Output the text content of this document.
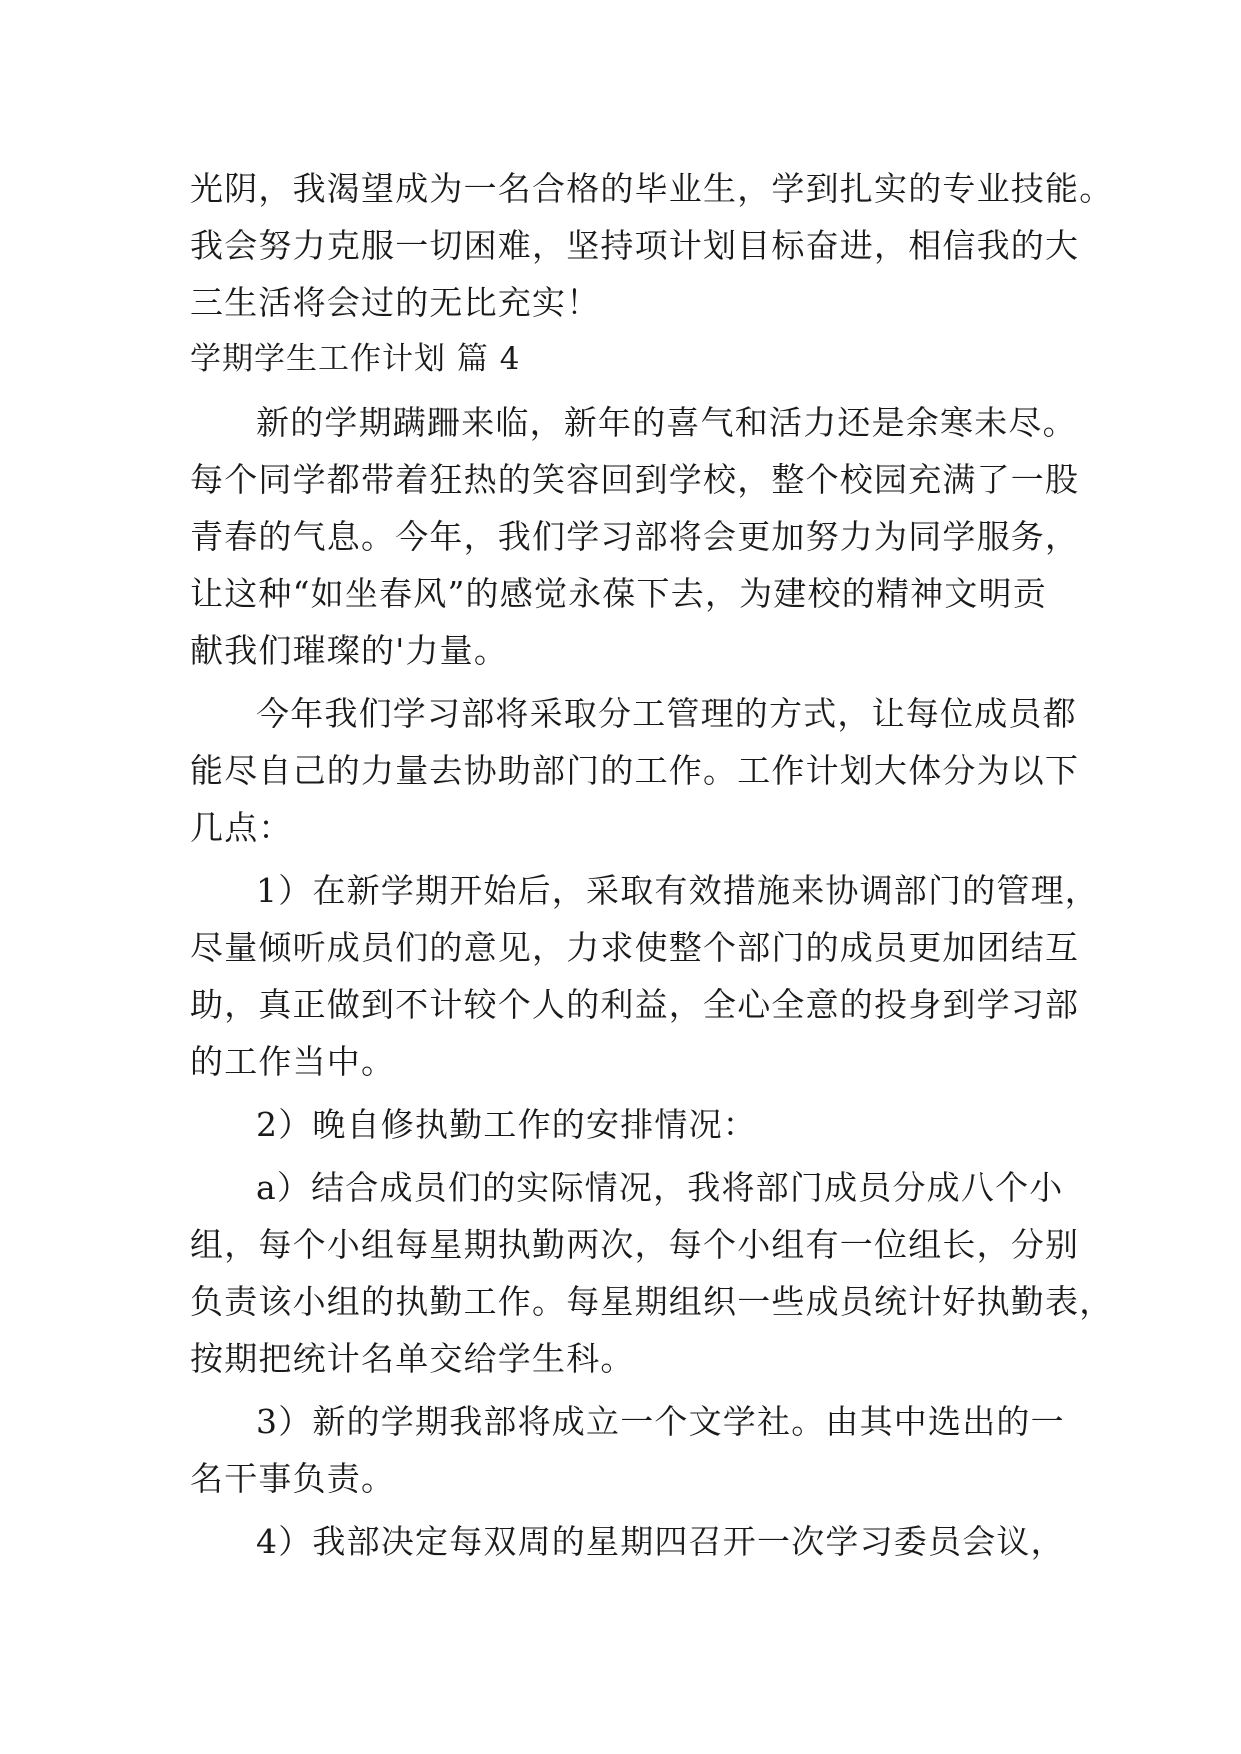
光阴，我渴望成为一名合格的毕业生，学到扎实的专业技能。
我会努力克服一切困难，坚持项计划目标奋进，相信我的大
三生活将会过的无比充实！
学期学生工作计划 篇 4
新的学期蹒跚来临，新年的喜气和活力还是余寒未尽。
每个同学都带着狂热的笑容回到学校，整个校园充满了一股
青春的气息。今年，我们学习部将会更加努力为同学服务，
让这种“如坐春风”的感觉永葆下去，为建校的精神文明贡
献我们璀璨的'力量。
今年我们学习部将采取分工管理的方式，让每位成员都
能尽自己的力量去协助部门的工作。工作计划大体分为以下
几点：
1）在新学期开始后，采取有效措施来协调部门的管理，
尽量倾听成员们的意见，力求使整个部门的成员更加团结互
助，真正做到不计较个人的利益，全心全意的投身到学习部
的工作当中。
2）晚自修执勤工作的安排情况：
a）结合成员们的实际情况，我将部门成员分成八个小
组，每个小组每星期执勤两次，每个小组有一位组长，分别
负责该小组的执勤工作。每星期组织一些成员统计好执勤表，
按期把统计名单交给学生科。
3）新的学期我部将成立一个文学社。由其中选出的一
名干事负责。
4）我部决定每双周的星期四召开一次学习委员会议，
